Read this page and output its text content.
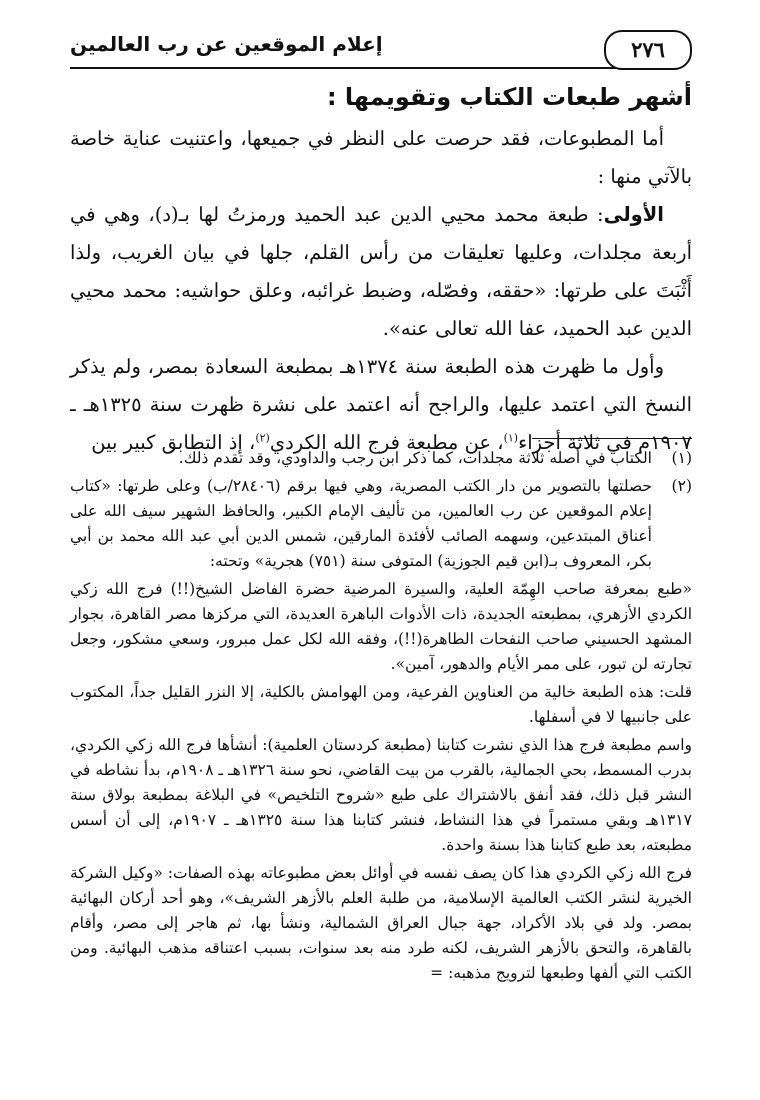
٢٧٦
إعلام الموقعين عن رب العالمين
أشهر طبعات الكتاب وتقويمها :

أما المطبوعات، فقد حرصت على النظر في جميعها، واعتنيت عناية خاصة بالآتي منها :

الأولى: طبعة محمد محيي الدين عبد الحميد ورمزتُ لها بـ(د)، وهي في أربعة مجلدات، وعليها تعليقات من رأس القلم، جلها في بيان الغريب، ولذا أَثْبَتَ على طرتها: «حققه، وفصّله، وضبط غرائبه، وعلق حواشيه: محمد محيي الدين عبد الحميد، عفا الله تعالى عنه».

وأول ما ظهرت هذه الطبعة سنة ١٣٧٤هـ بمطبعة السعادة بمصر، ولم يذكر النسخ التي اعتمد عليها، والراجح أنه اعتمد على نشرة ظهرت سنة ١٣٢٥هـ ـ ١٩٠٧م في ثلاثة أجزاء$^{(١)}$، عن مطبعة فرج الله الكردي$^{(٢)}$، إذ التطابق كبير بين

(١)
الكتاب في أصله ثلاثة مجلدات، كما ذكر ابن رجب والداودي، وقد تقدم ذلك.
(٢)
حصلتها بالتصوير من دار الكتب المصرية، وهي فيها برقم (٢٨٤٠٦/ب) وعلى طرتها: «كتاب إعلام الموقعين عن رب العالمين، من تأليف الإمام الكبير، والحافظ الشهير سيف الله على أعناق المبتدعين، وسهمه الصائب لأفئدة المارقين، شمس الدين أبي عبد الله محمد بن أبي بكر، المعروف بـ(ابن قيم الجوزية) المتوفى سنة (٧٥١) هجرية» وتحته:

«طبع بمعرفة صاحب الهِمّة العلية، والسيرة المرضية حضرة الفاضل الشيخ(!!) فرج الله زكي الكردي الأزهري، بمطبعته الجديدة، ذات الأدوات الباهرة العديدة، التي مركزها مصر القاهرة، بجوار المشهد الحسيني صاحب النفحات الطاهرة(!!)، وفقه الله لكل عمل مبرور، وسعي مشكور، وجعل تجارته لن تبور، على ممر الأيام والدهور، آمين».

قلت: هذه الطبعة خالية من العناوين الفرعية، ومن الهوامش بالكلية، إلا النزر القليل جداً، المكتوب على جانبيها لا في أسفلها.

واسم مطبعة فرج هذا الذي نشرت كتابنا (مطبعة كردستان العلمية): أنشأها فرج الله زكي الكردي، بدرب المسمط، بحي الجمالية، بالقرب من بيت القاضي، نحو سنة ١٣٢٦هـ ـ ١٩٠٨م، بدأ نشاطه في النشر قبل ذلك، فقد أنفق بالاشتراك على طبع «شروح التلخيص» في البلاغة بمطبعة بولاق سنة ١٣١٧هـ وبقي مستمراً في هذا النشاط، فنشر كتابنا هذا سنة ١٣٢٥هـ ـ ١٩٠٧م، إلى أن أسس مطبعته، بعد طبع كتابنا هذا بسنة واحدة.

فرج الله زكي الكردي هذا كان يصف نفسه في أوائل بعض مطبوعاته بهذه الصفات: «وكيل الشركة الخيرية لنشر الكتب العالمية الإسلامية، من طلبة العلم بالأزهر الشريف»، وهو أحد أركان البهائية بمصر. ولد في بلاد الأكراد، جهة جبال العراق الشمالية، ونشأ بها، ثم هاجر إلى مصر، وأقام بالقاهرة، والتحق بالأزهر الشريف، لكنه طرد منه بعد سنوات، بسبب اعتناقه مذهب البهائية. ومن الكتب التي ألفها وطبعها لترويج مذهبه: =
